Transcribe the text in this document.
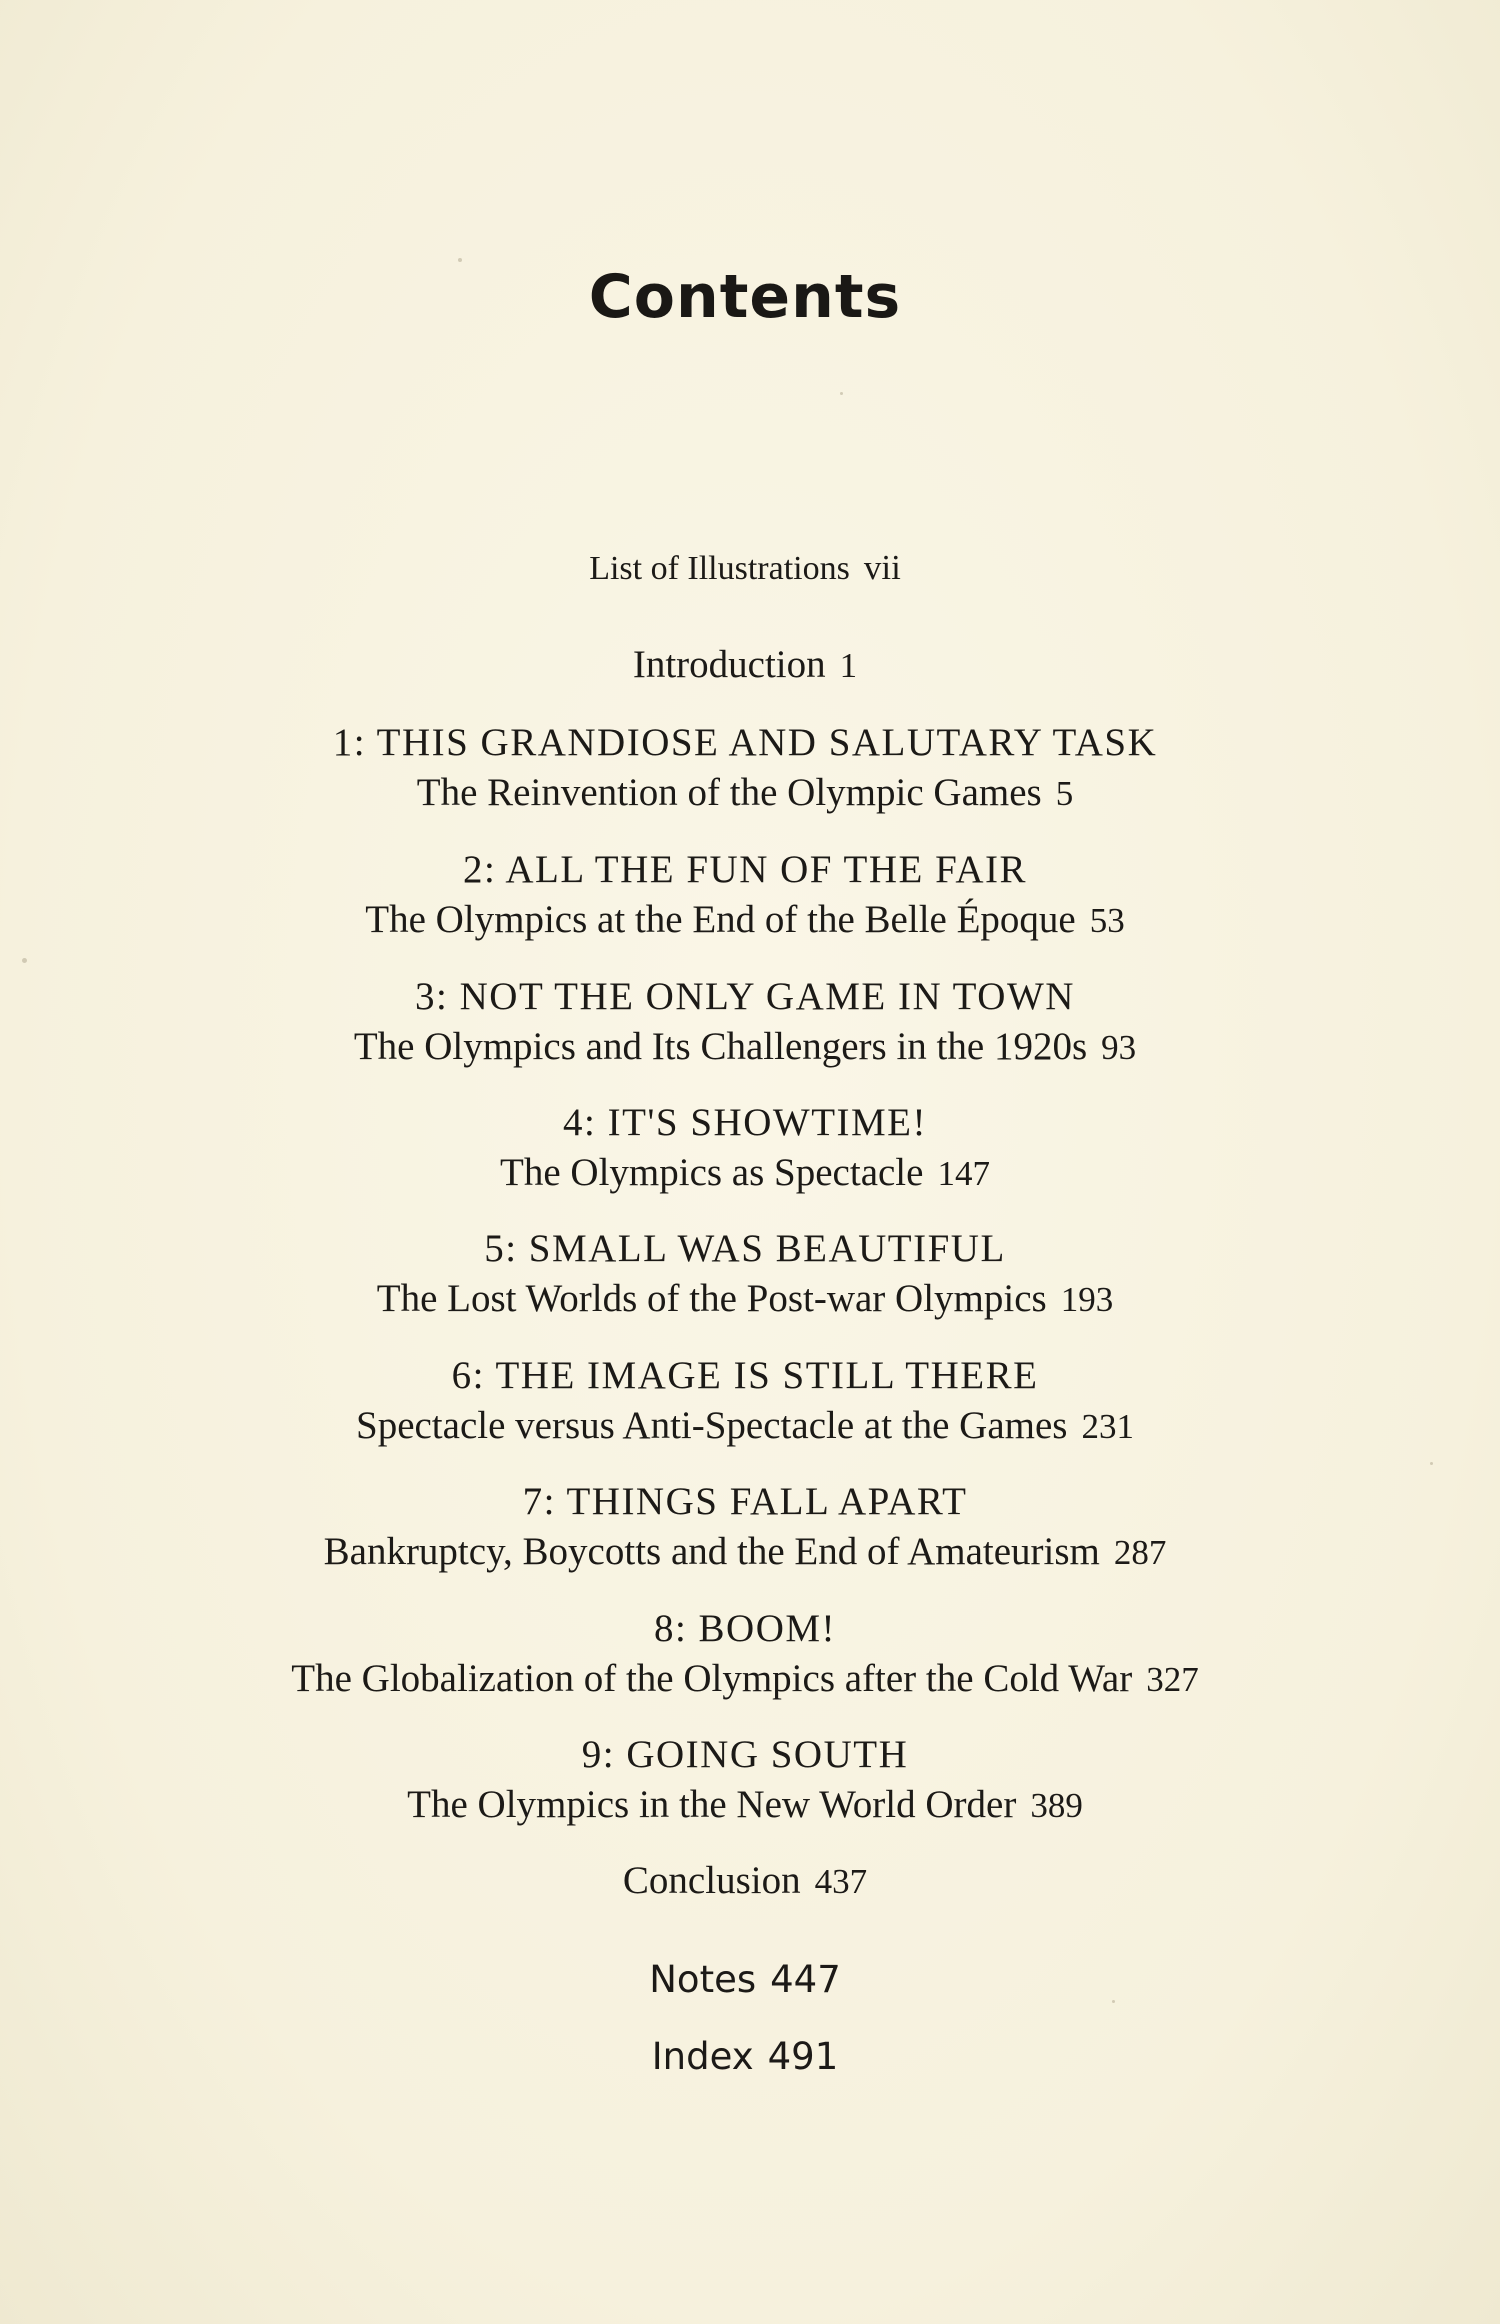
Contents
List of Illustrations vii
Introduction 1
1: THIS GRANDIOSE AND SALUTARY TASK
The Reinvention of the Olympic Games 5
2: ALL THE FUN OF THE FAIR
The Olympics at the End of the Belle Époque 53
3: NOT THE ONLY GAME IN TOWN
The Olympics and Its Challengers in the 1920s 93
4: IT'S SHOWTIME!
The Olympics as Spectacle 147
5: SMALL WAS BEAUTIFUL
The Lost Worlds of the Post-war Olympics 193
6: THE IMAGE IS STILL THERE
Spectacle versus Anti-Spectacle at the Games 231
7: THINGS FALL APART
Bankruptcy, Boycotts and the End of Amateurism 287
8: BOOM!
The Globalization of the Olympics after the Cold War 327
9: GOING SOUTH
The Olympics in the New World Order 389
Conclusion 437
Notes 447
Index 491
